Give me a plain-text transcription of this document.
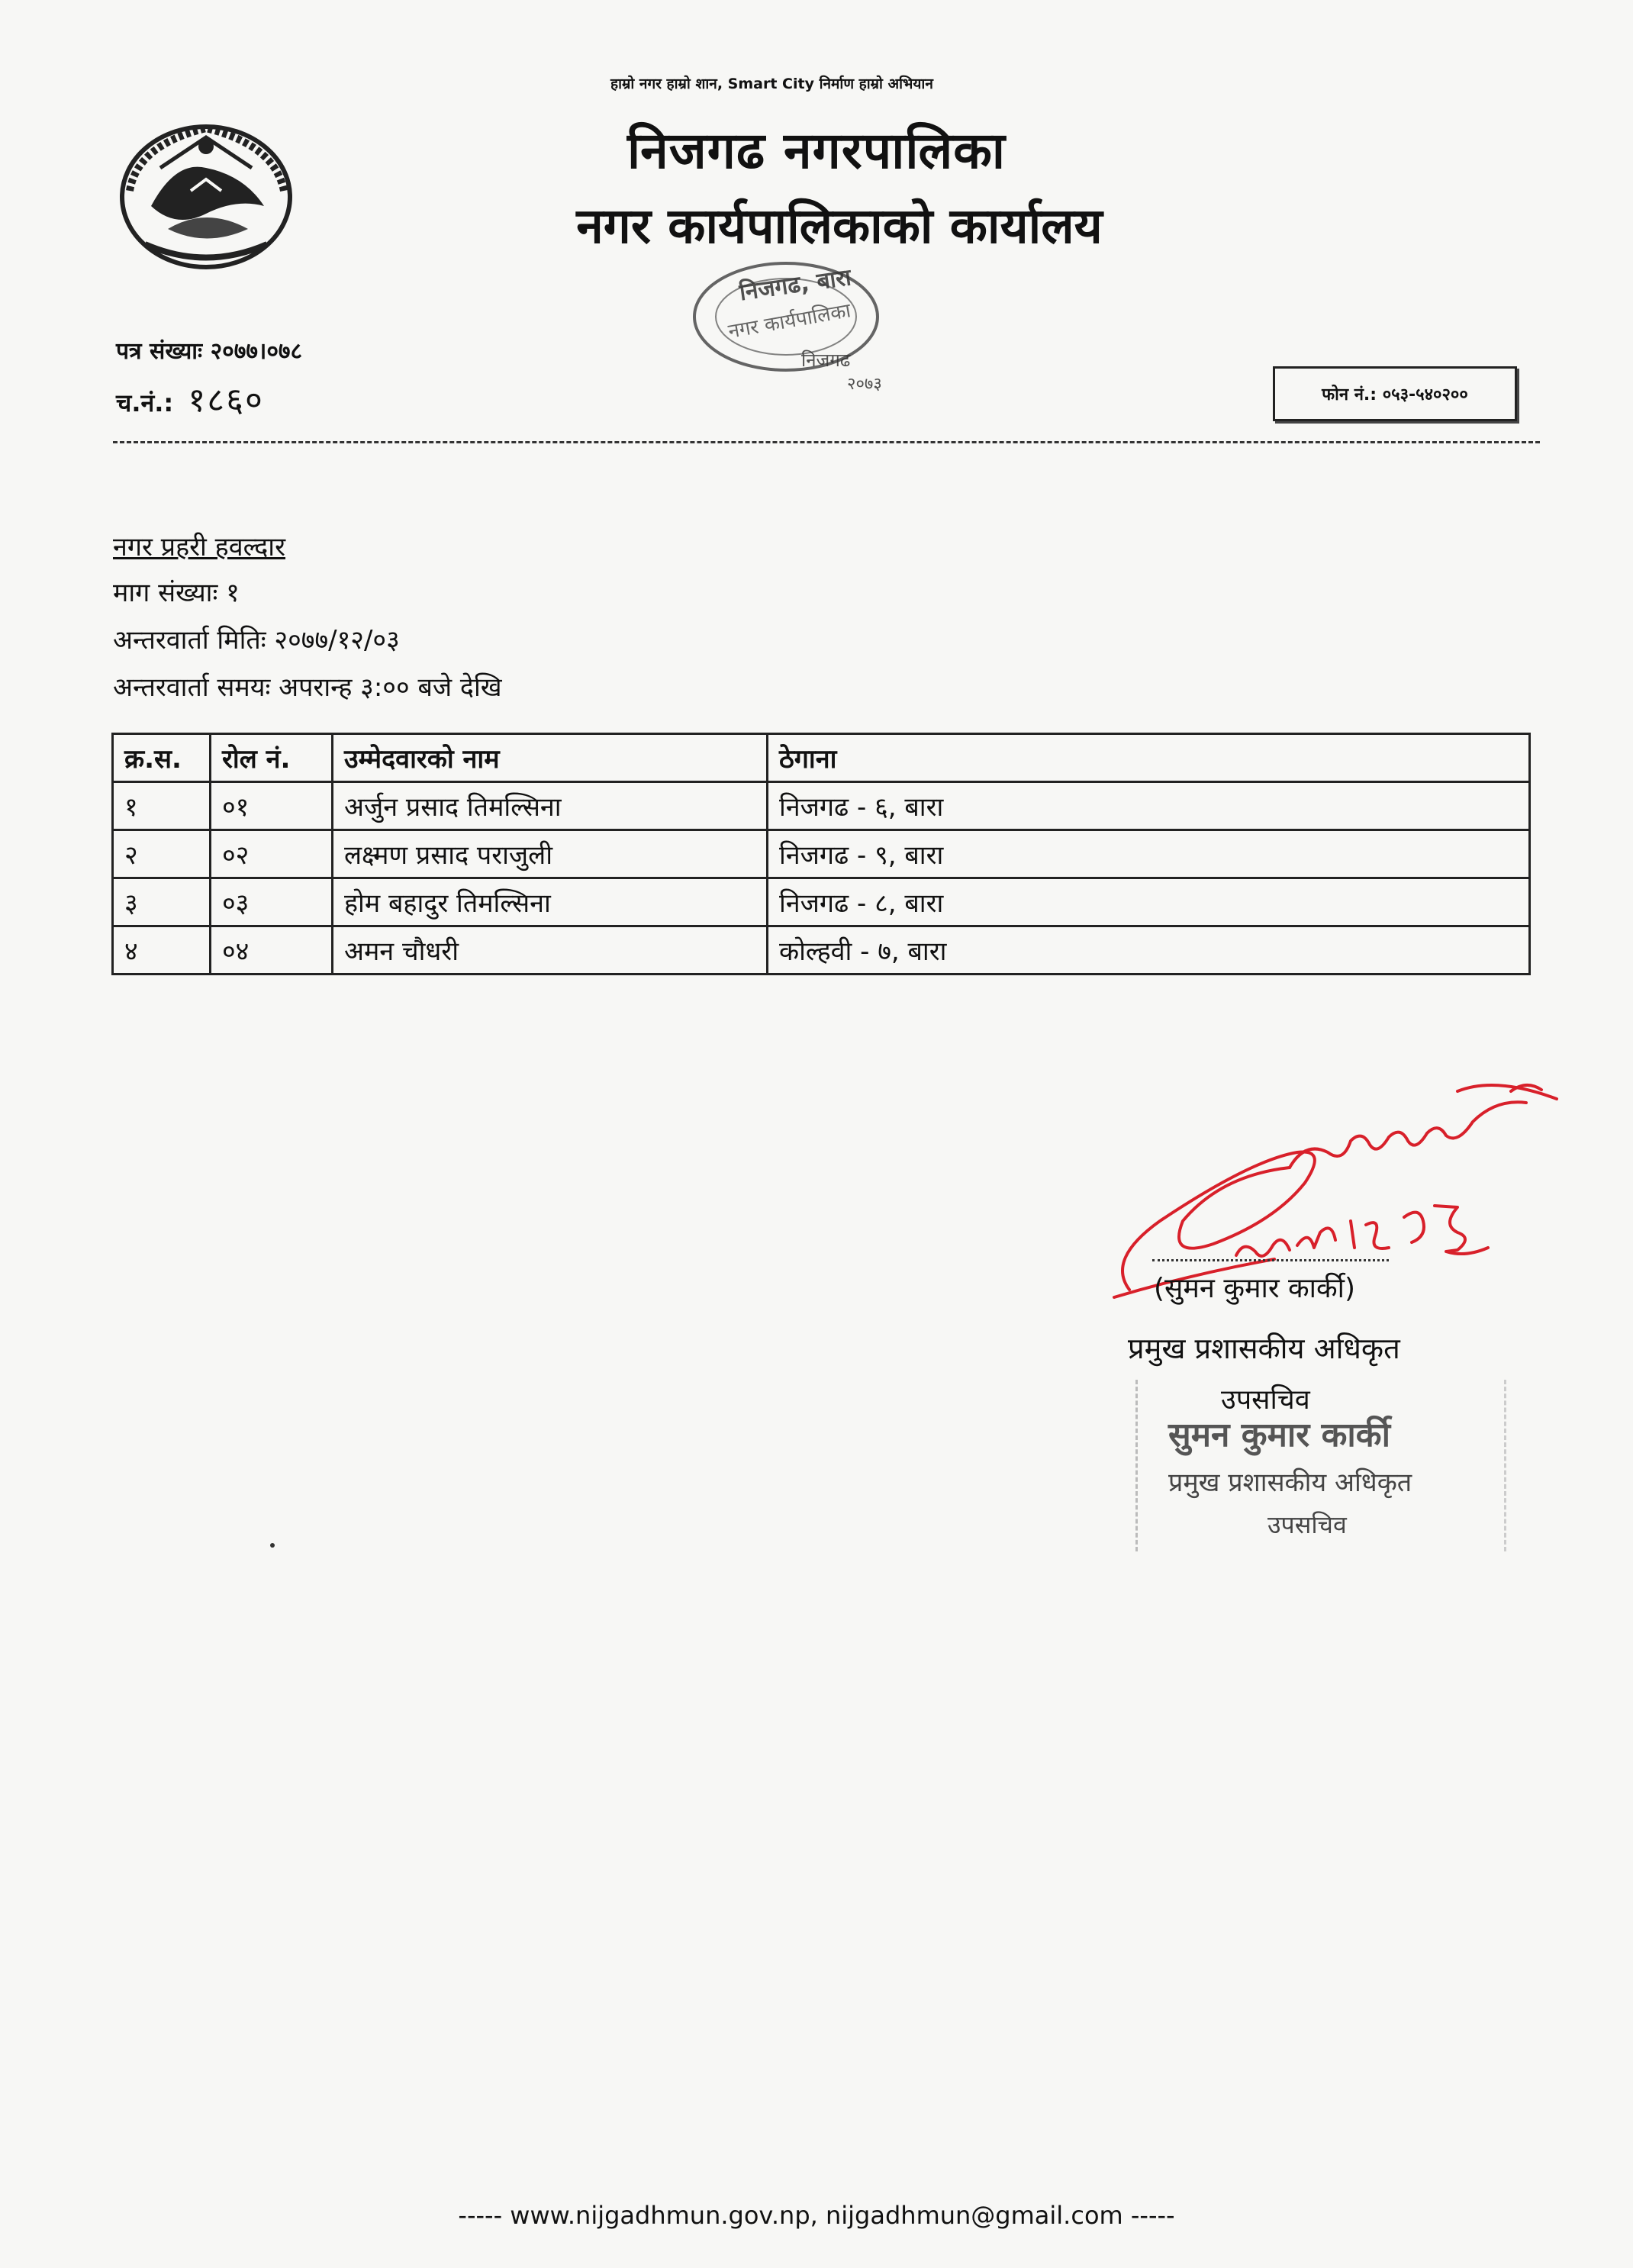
हाम्रो नगर हाम्रो शान, Smart City निर्माण हाम्रो अभियान
निजगढ नगरपालिका
नगर कार्यपालिकाको कार्यालय
निजगढ, बारा
नगर कार्यपालिका
निजगढ
२०७३
पत्र संख्याः २०७७।०७८
च.नं.: १८६०	फोन नं.: ०५३-५४०२००
नगर प्रहरी हवल्दार
माग संख्याः १
अन्तरवार्ता मितिः २०७७/१२/०३
अन्तरवार्ता समयः अपरान्ह ३:०० बजे देखि
क्र.स.	रोल नं.	उम्मेदवारको नाम	ठेगाना
१	०१	अर्जुन प्रसाद तिमल्सिना	निजगढ - ६, बारा
२	०२	लक्ष्मण प्रसाद पराजुली	निजगढ - ९, बारा
३	०३	होम बहादुर तिमल्सिना	निजगढ - ८, बारा
४	०४	अमन चौधरी	कोल्हवी - ७, बारा
(सुमन कुमार कार्की)
प्रमुख प्रशासकीय अधिकृत
उपसचिव
सुमन कुमार कार्की
प्रमुख प्रशासकीय अधिकृत
उपसचिव
----- www.nijgadhmun.gov.np, nijgadhmun@gmail.com -----
